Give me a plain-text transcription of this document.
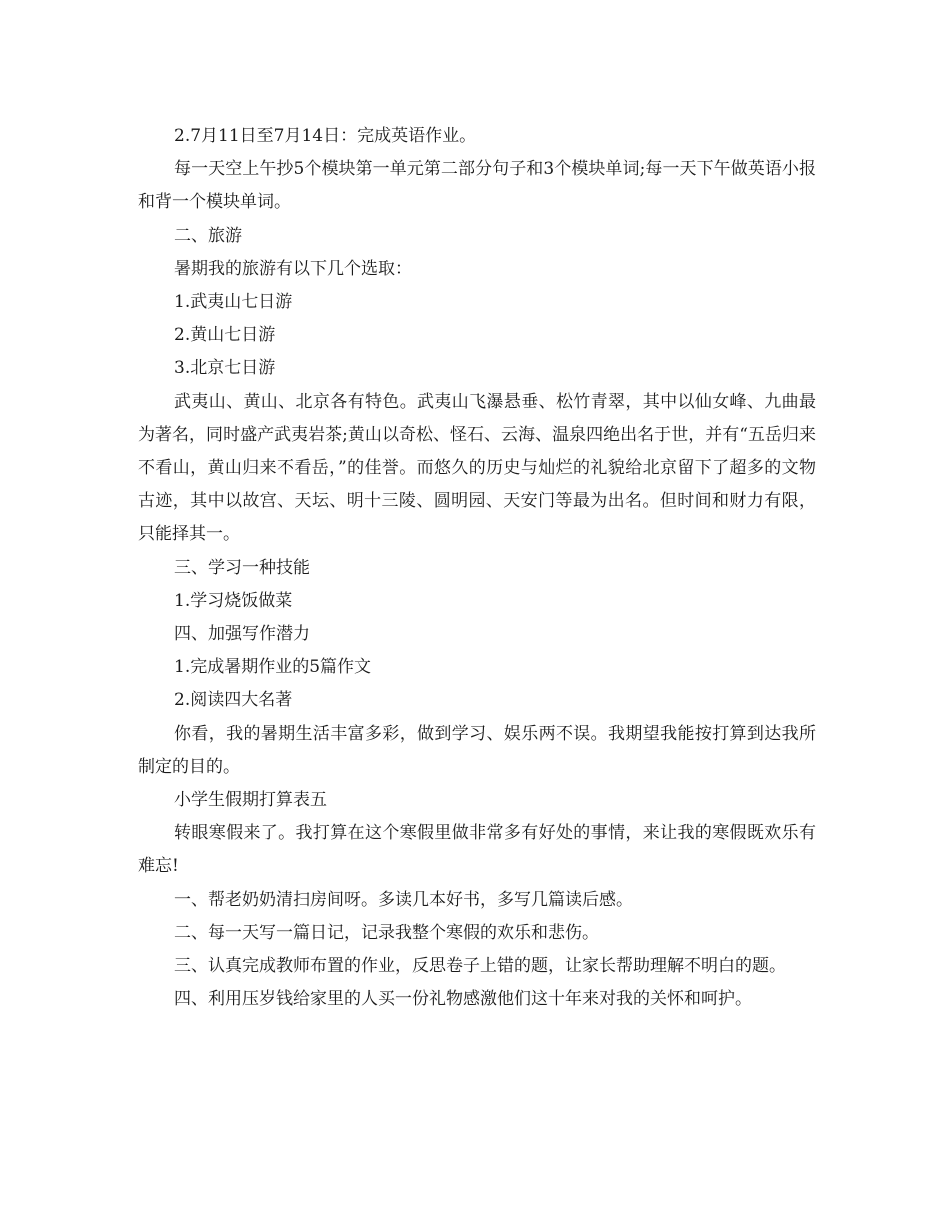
2.7月11日至7月14日：完成英语作业。

每一天空上午抄5个模块第一单元第二部分句子和3个模块单词;每一天下午做英语小报和背一个模块单词。

二、旅游

暑期我的旅游有以下几个选取：

1.武夷山七日游

2.黄山七日游

3.北京七日游

武夷山、黄山、北京各有特色。武夷山飞瀑悬垂、松竹青翠，其中以仙女峰、九曲最为著名，同时盛产武夷岩茶;黄山以奇松、怪石、云海、温泉四绝出名于世，并有“五岳归来不看山，黄山归来不看岳，”的佳誉。而悠久的历史与灿烂的礼貌给北京留下了超多的文物古迹，其中以故宫、天坛、明十三陵、圆明园、天安门等最为出名。但时间和财力有限，只能择其一。

三、学习一种技能

1.学习烧饭做菜

四、加强写作潜力

1.完成暑期作业的5篇作文

2.阅读四大名著

你看，我的暑期生活丰富多彩，做到学习、娱乐两不误。我期望我能按打算到达我所制定的目的。

小学生假期打算表五

转眼寒假来了。我打算在这个寒假里做非常多有好处的事情，来让我的寒假既欢乐有难忘!

一、帮老奶奶清扫房间呀。多读几本好书，多写几篇读后感。

二、每一天写一篇日记，记录我整个寒假的欢乐和悲伤。

三、认真完成教师布置的作业，反思卷子上错的题，让家长帮助理解不明白的题。

四、利用压岁钱给家里的人买一份礼物感激他们这十年来对我的关怀和呵护。
